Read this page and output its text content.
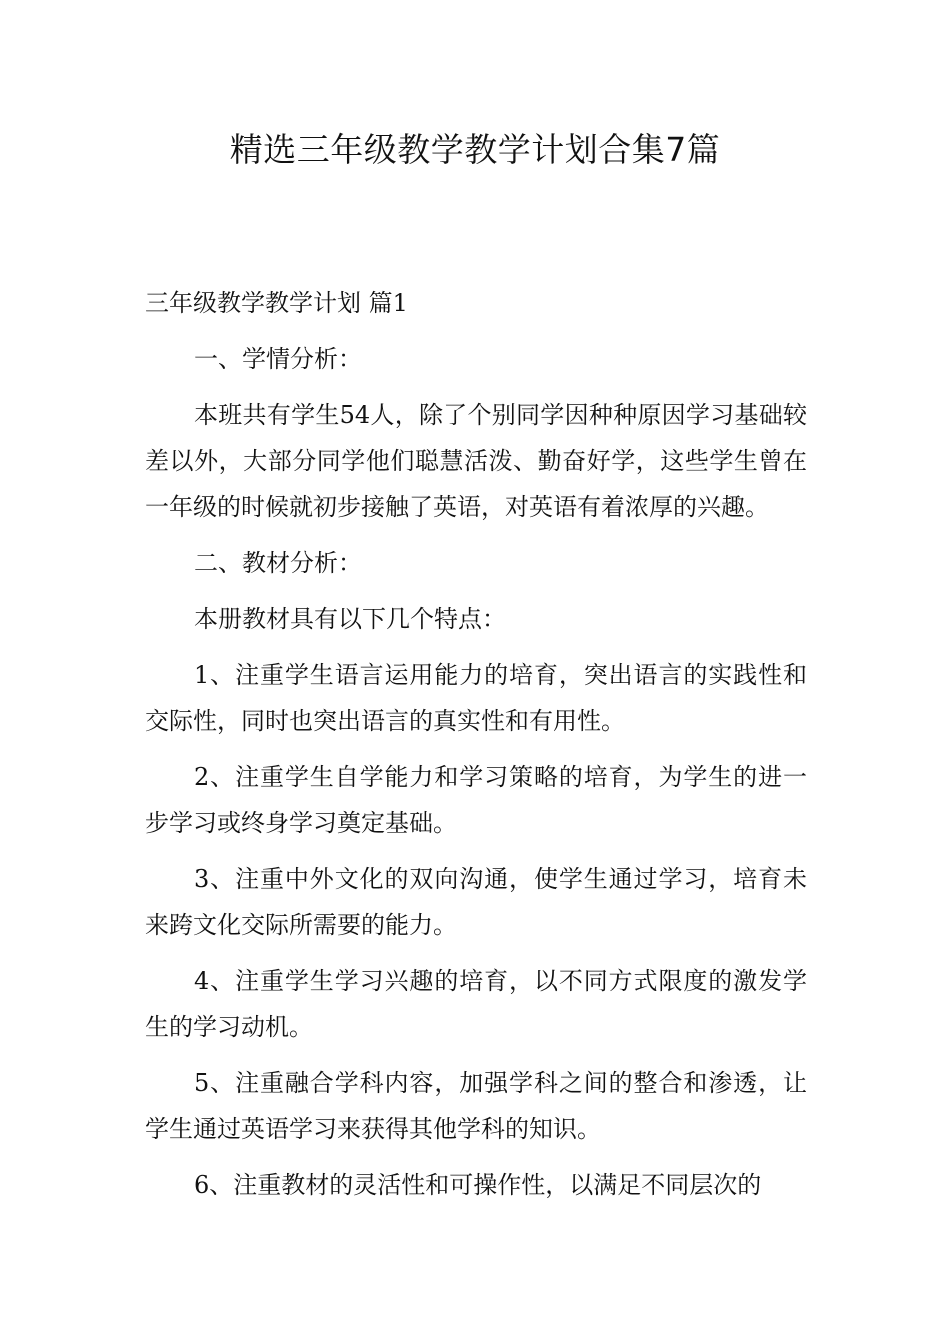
精选三年级教学教学计划合集7篇

三年级教学教学计划 篇1

一、学情分析：

本班共有学生54人，除了个别同学因种种原因学习基础较差以外，大部分同学他们聪慧活泼、勤奋好学，这些学生曾在一年级的时候就初步接触了英语，对英语有着浓厚的兴趣。

二、教材分析：

本册教材具有以下几个特点：

1、注重学生语言运用能力的培育，突出语言的实践性和交际性，同时也突出语言的真实性和有用性。

2、注重学生自学能力和学习策略的培育，为学生的进一步学习或终身学习奠定基础。

3、注重中外文化的双向沟通，使学生通过学习，培育未来跨文化交际所需要的能力。

4、注重学生学习兴趣的培育，以不同方式限度的激发学生的学习动机。

5、注重融合学科内容，加强学科之间的整合和渗透，让学生通过英语学习来获得其他学科的知识。

6、注重教材的灵活性和可操作性，以满足不同层次的
